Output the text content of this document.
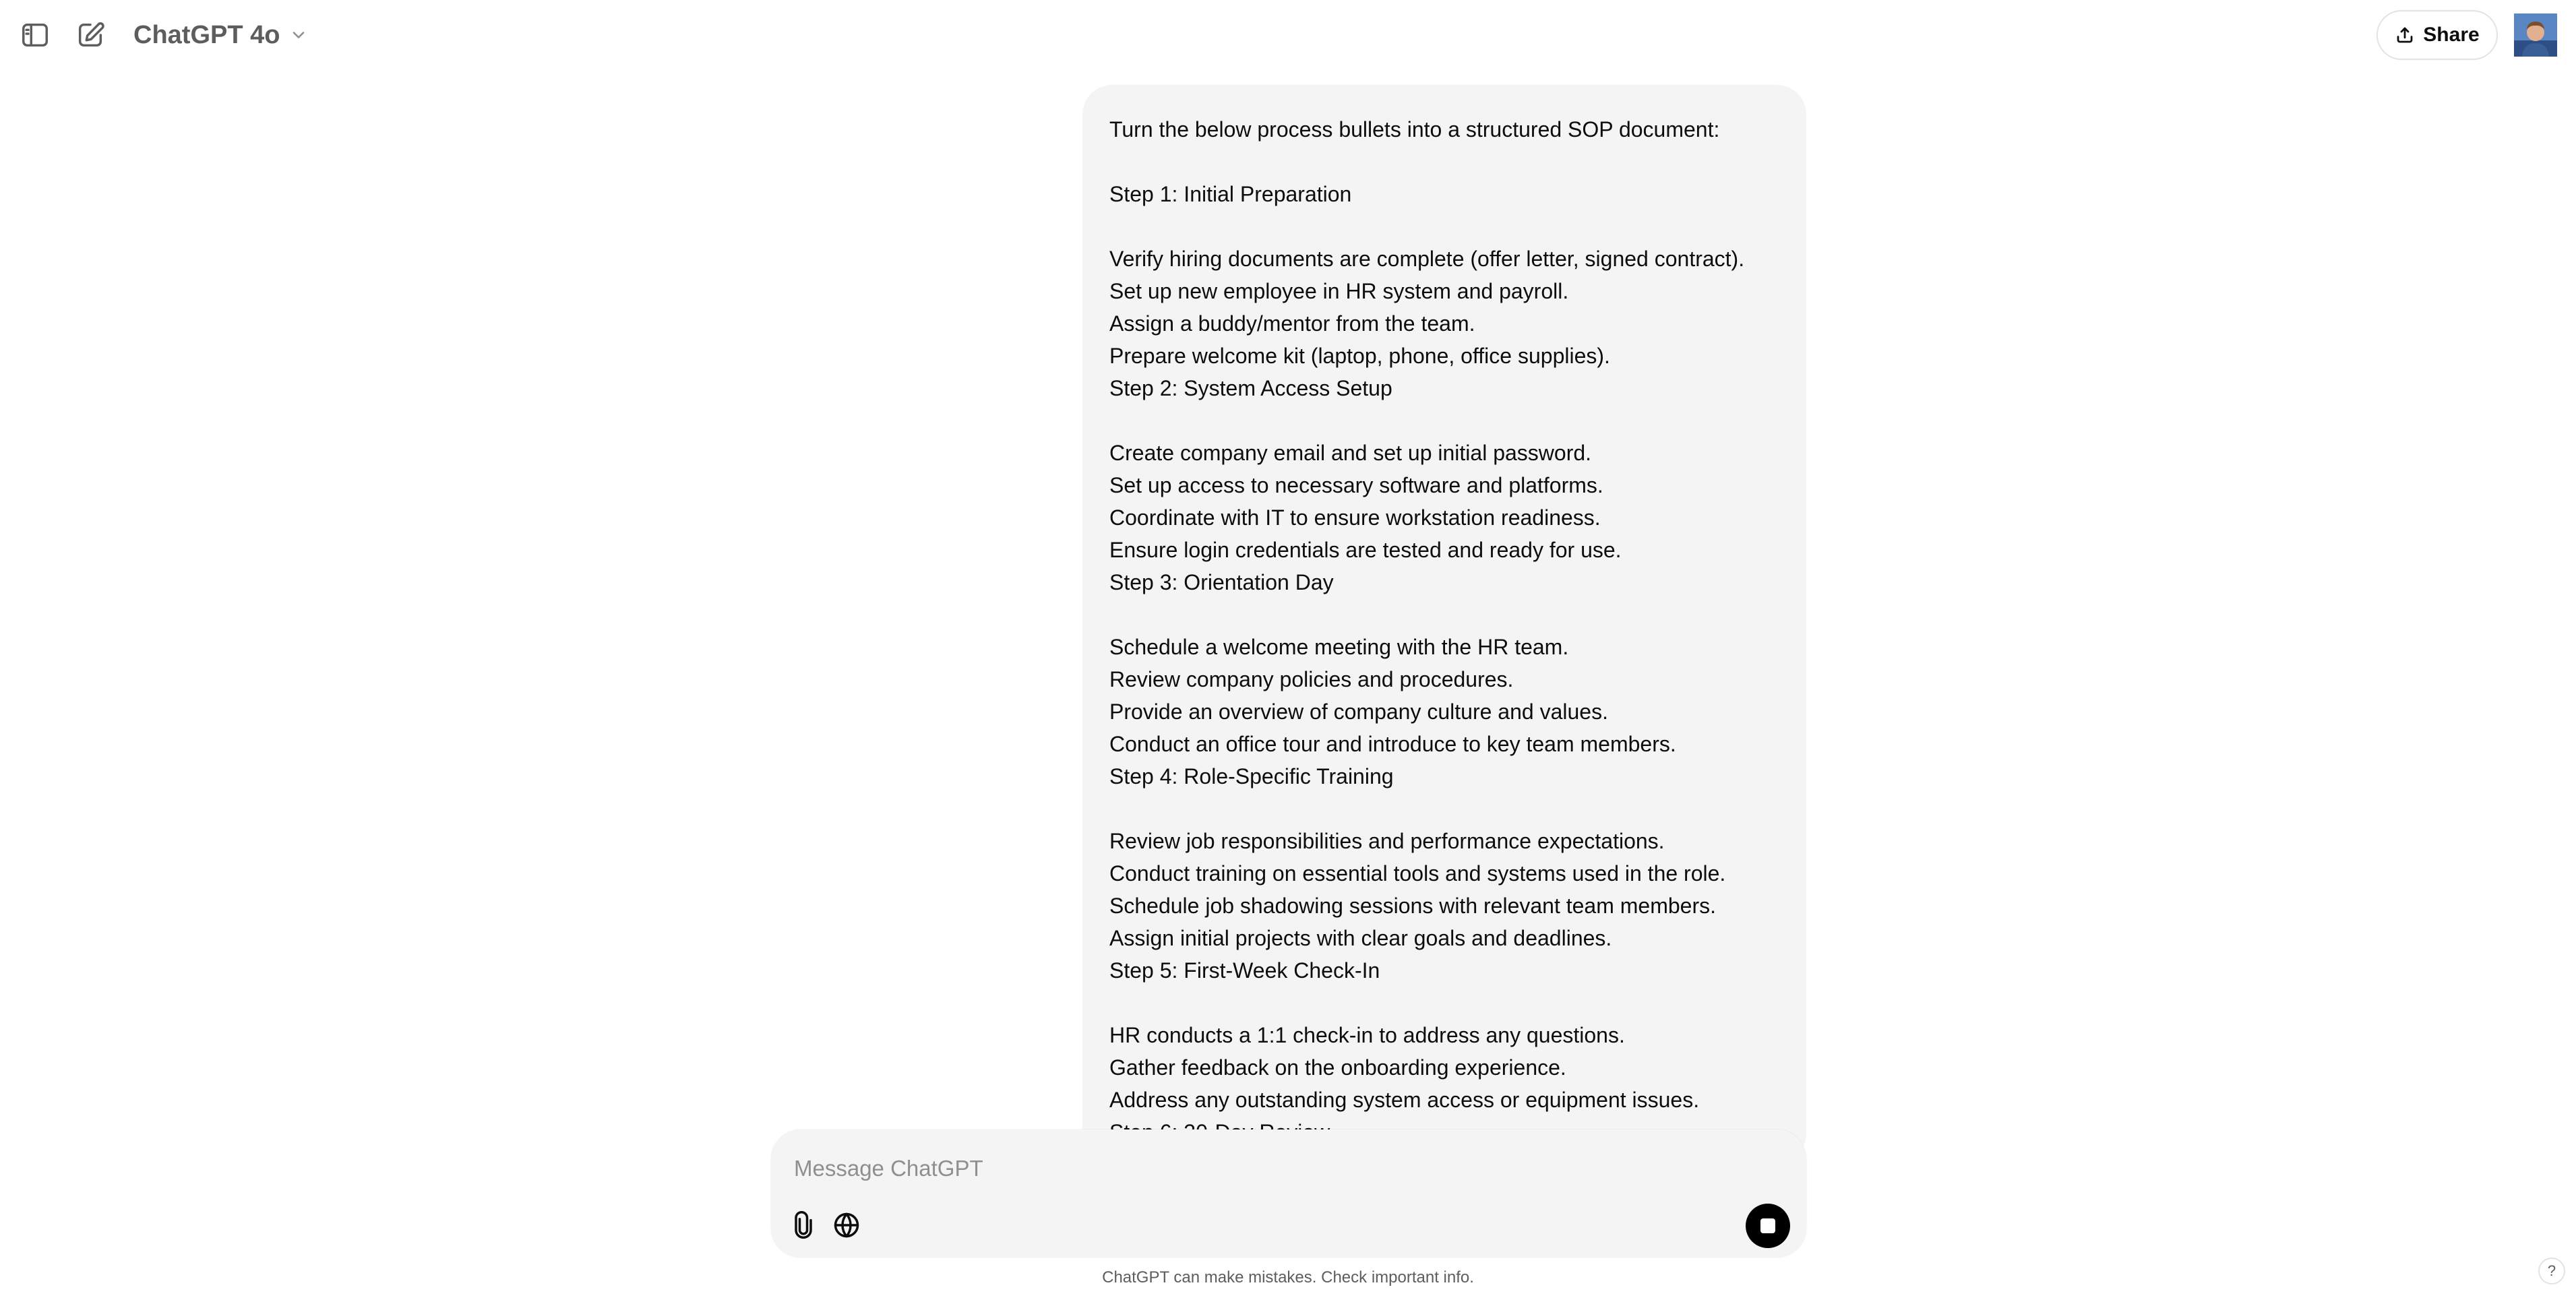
ChatGPT 4o	Share
Turn the below process bullets into a structured SOP document:
Step 1: Initial Preparation
Verify hiring documents are complete (offer letter, signed contract).
Set up new employee in HR system and payroll.
Assign a buddy/mentor from the team.
Prepare welcome kit (laptop, phone, office supplies).
Step 2: System Access Setup
Create company email and set up initial password.
Set up access to necessary software and platforms.
Coordinate with IT to ensure workstation readiness.
Ensure login credentials are tested and ready for use.
Step 3: Orientation Day
Schedule a welcome meeting with the HR team.
Review company policies and procedures.
Provide an overview of company culture and values.
Conduct an office tour and introduce to key team members.
Step 4: Role-Specific Training
Review job responsibilities and performance expectations.
Conduct training on essential tools and systems used in the role.
Schedule job shadowing sessions with relevant team members.
Assign initial projects with clear goals and deadlines.
Step 5: First-Week Check-In
HR conducts a 1:1 check-in to address any questions.
Gather feedback on the onboarding experience.
Address any outstanding system access or equipment issues.
Message ChatGPT
ChatGPT can make mistakes. Check important info.	?
